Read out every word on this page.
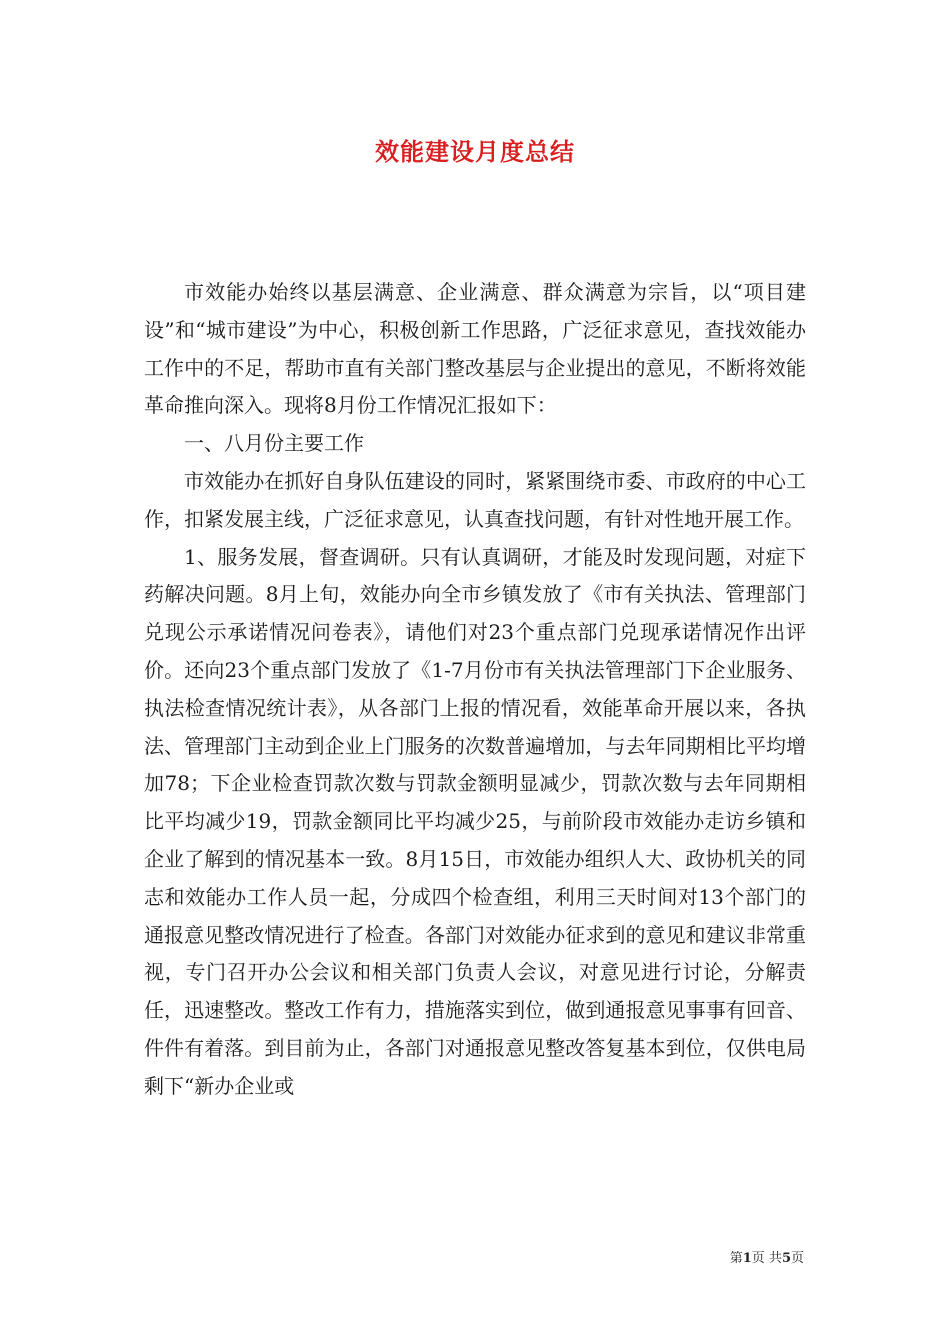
效能建设月度总结

市效能办始终以基层满意、企业满意、群众满意为宗旨，以“项目建设”和“城市建设”为中心，积极创新工作思路，广泛征求意见，查找效能办工作中的不足，帮助市直有关部门整改基层与企业提出的意见，不断将效能革命推向深入。现将8月份工作情况汇报如下：

一、八月份主要工作

市效能办在抓好自身队伍建设的同时，紧紧围绕市委、市政府的中心工作，扣紧发展主线，广泛征求意见，认真查找问题，有针对性地开展工作。

1、服务发展，督查调研。只有认真调研，才能及时发现问题，对症下药解决问题。8月上旬，效能办向全市乡镇发放了《市有关执法、管理部门兑现公示承诺情况问卷表》，请他们对23个重点部门兑现承诺情况作出评价。还向23个重点部门发放了《1-7月份市有关执法管理部门下企业服务、执法检查情况统计表》，从各部门上报的情况看，效能革命开展以来，各执法、管理部门主动到企业上门服务的次数普遍增加，与去年同期相比平均增加78；下企业检查罚款次数与罚款金额明显减少，罚款次数与去年同期相比平均减少19，罚款金额同比平均减少25，与前阶段市效能办走访乡镇和企业了解到的情况基本一致。8月15日，市效能办组织人大、政协机关的同志和效能办工作人员一起，分成四个检查组，利用三天时间对13个部门的通报意见整改情况进行了检查。各部门对效能办征求到的意见和建议非常重视，专门召开办公会议和相关部门负责人会议，对意见进行讨论，分解责任，迅速整改。整改工作有力，措施落实到位，做到通报意见事事有回音、件件有着落。到目前为止，各部门对通报意见整改答复基本到位，仅供电局剩下“新办企业或

第1页 共5页
